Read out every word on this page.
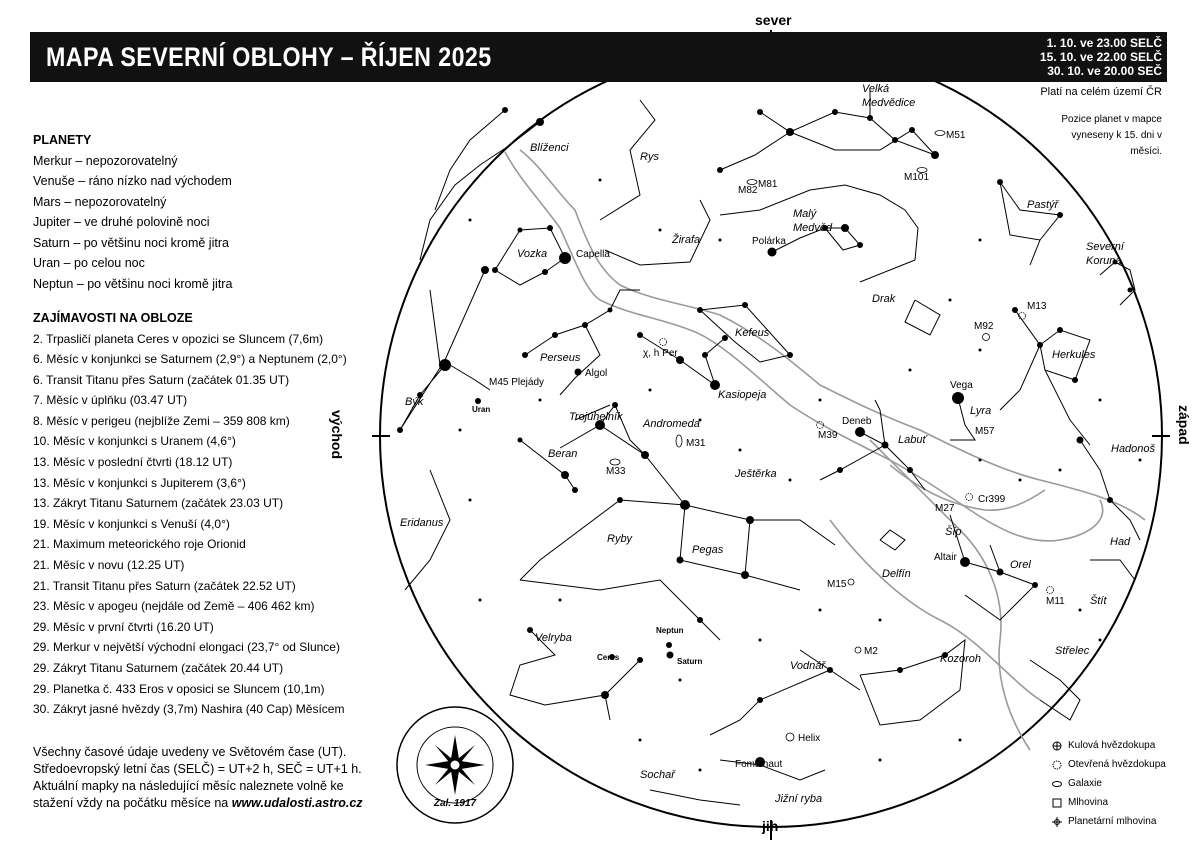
Blíženci
Rys
Velká
Medvědice
Vozka
Žirafa
Malý
Medvěd
Pastýř
Severní
Koruna
Drak
Herkules
Kefeus
Perseus
Kasiopeja
Býk
Trojúhelník
Andromeda
Beran
Ještěrka
Labuť
Lyra
Hadonoš
Eridanus
Ryby
Pegas
Šíp
Had
Delfín
Orel
Štít
Velryba
Vodnář
Kozoroh
Střelec
Sochař
Jižní ryba
Capella
Polárka
Algol
Vega
Deneb
Altair
Fomalhaut
M45 Plejády
M51
M81
M82
M101
M13
M92
M39	M57
M31
M33
M27
Cr399
M15
M11
M2
χ, h Per
Helix
Uran
Neptun
Saturn
Ceres
MAPA SEVERNÍ OBLOHY – ŘÍJEN 2025	1. 10. ve 23.00 SELČ
15. 10. ve 22.00 SELČ
30. 10. ve 20.00 SEČ
Platí na celém území ČR
Pozice planet v mapce vyneseny k 15. dni v měsíci.
sever
jih
východ	západ
PLANETY
Merkur – nepozorovatelný
Venuše – ráno nízko nad východem
Mars – nepozorovatelný
Jupiter – ve druhé polovině noci
Saturn – po většinu noci kromě jitra
Uran – po celou noc
Neptun – po většinu noci kromě jitra
ZAJÍMAVOSTI NA OBLOZE
2. Trpasličí planeta Ceres v opozici se Sluncem (7,6m)
6. Měsíc v konjunkci se Saturnem (2,9°) a Neptunem (2,0°)
6. Transit Titanu přes Saturn (začátek 01.35 UT)
7. Měsíc v úplňku (03.47 UT)
8. Měsíc v perigeu (nejblíže Zemi – 359 808 km)
10. Měsíc v konjunkci s Uranem (4,6°)
13. Měsíc v poslední čtvrti (18.12 UT)
13. Měsíc v konjunkci s Jupiterem (3,6°)
13. Zákryt Titanu Saturnem (začátek 23.03 UT)
19. Měsíc v konjunkci s Venuší (4,0°)
21. Maximum meteorického roje Orionid
21. Měsíc v novu (12.25 UT)
21. Transit Titanu přes Saturn (začátek 22.52 UT)
23. Měsíc v apogeu (nejdále od Země – 406 462 km)
29. Měsíc v první čtvrti (16.20 UT)
29. Merkur v největší východní elongaci (23,7° od Slunce)
29. Zákryt Titanu Saturnem (začátek 20.44 UT)
29. Planetka č. 433 Eros v oposici se Sluncem (10,1m)
30. Zákryt jasné hvězdy (3,7m) Nashira (40 Cap) Měsícem
Všechny časové údaje uvedeny ve Světovém čase (UT).
Středoevropský letní čas (SELČ) = UT+2 h, SEČ = UT+1 h.
Aktuální mapky na následující měsíc naleznete volně ke
stažení vždy na počátku měsíce na www.udalosti.astro.cz	Zal. 1917
Kulová hvězdokupa
Otevřená hvězdokupa
Galaxie
Mlhovina
Planetární mlhovina
